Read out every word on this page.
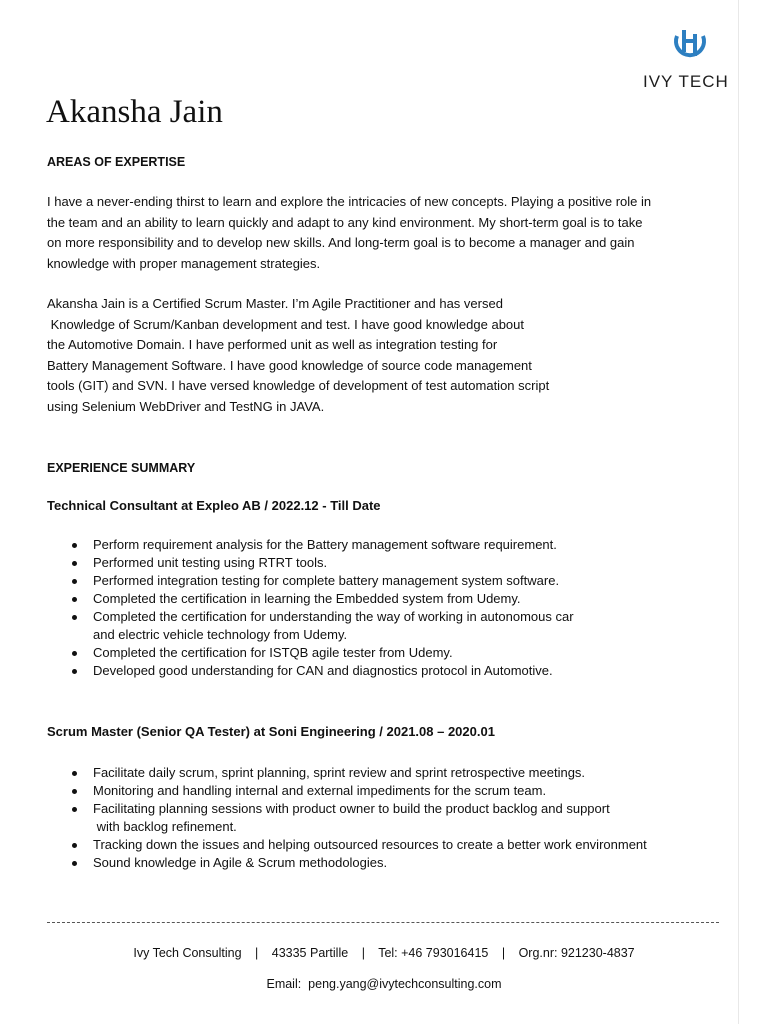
IVY TECH
Akansha Jain
AREAS OF EXPERTISE
I have a never-ending thirst to learn and explore the intricacies of new concepts. Playing a positive role in
the team and an ability to learn quickly and adapt to any kind environment. My short-term goal is to take
on more responsibility and to develop new skills. And long-term goal is to become a manager and gain
knowledge with proper management strategies.
Akansha Jain is a Certified Scrum Master. I’m Agile Practitioner and has versed
Knowledge of Scrum/Kanban development and test. I have good knowledge about
the Automotive Domain. I have performed unit as well as integration testing for
Battery Management Software. I have good knowledge of source code management
tools (GIT) and SVN. I have versed knowledge of development of test automation script
using Selenium WebDriver and TestNG in JAVA.
EXPERIENCE SUMMARY
Technical Consultant at Expleo AB / 2022.12 - Till Date
Perform requirement analysis for the Battery management software requirement.
Performed unit testing using RTRT tools.
Performed integration testing for complete battery management system software.
Completed the certification in learning the Embedded system from Udemy.
Completed the certification for understanding the way of working in autonomous car
and electric vehicle technology from Udemy.
Completed the certification for ISTQB agile tester from Udemy.
Developed good understanding for CAN and diagnostics protocol in Automotive.
Scrum Master (Senior QA Tester) at Soni Engineering / 2021.08 – 2020.01
Facilitate daily scrum, sprint planning, sprint review and sprint retrospective meetings.
Monitoring and handling internal and external impediments for the scrum team.
Facilitating planning sessions with product owner to build the product backlog and support
with backlog refinement.
Tracking down the issues and helping outsourced resources to create a better work environment
Sound knowledge in Agile & Scrum methodologies.
Ivy Tech Consulting | 43335 Partille | Tel: +46 793016415 | Org.nr: 921230-4837
Email:  peng.yang@ivytechconsulting.com
